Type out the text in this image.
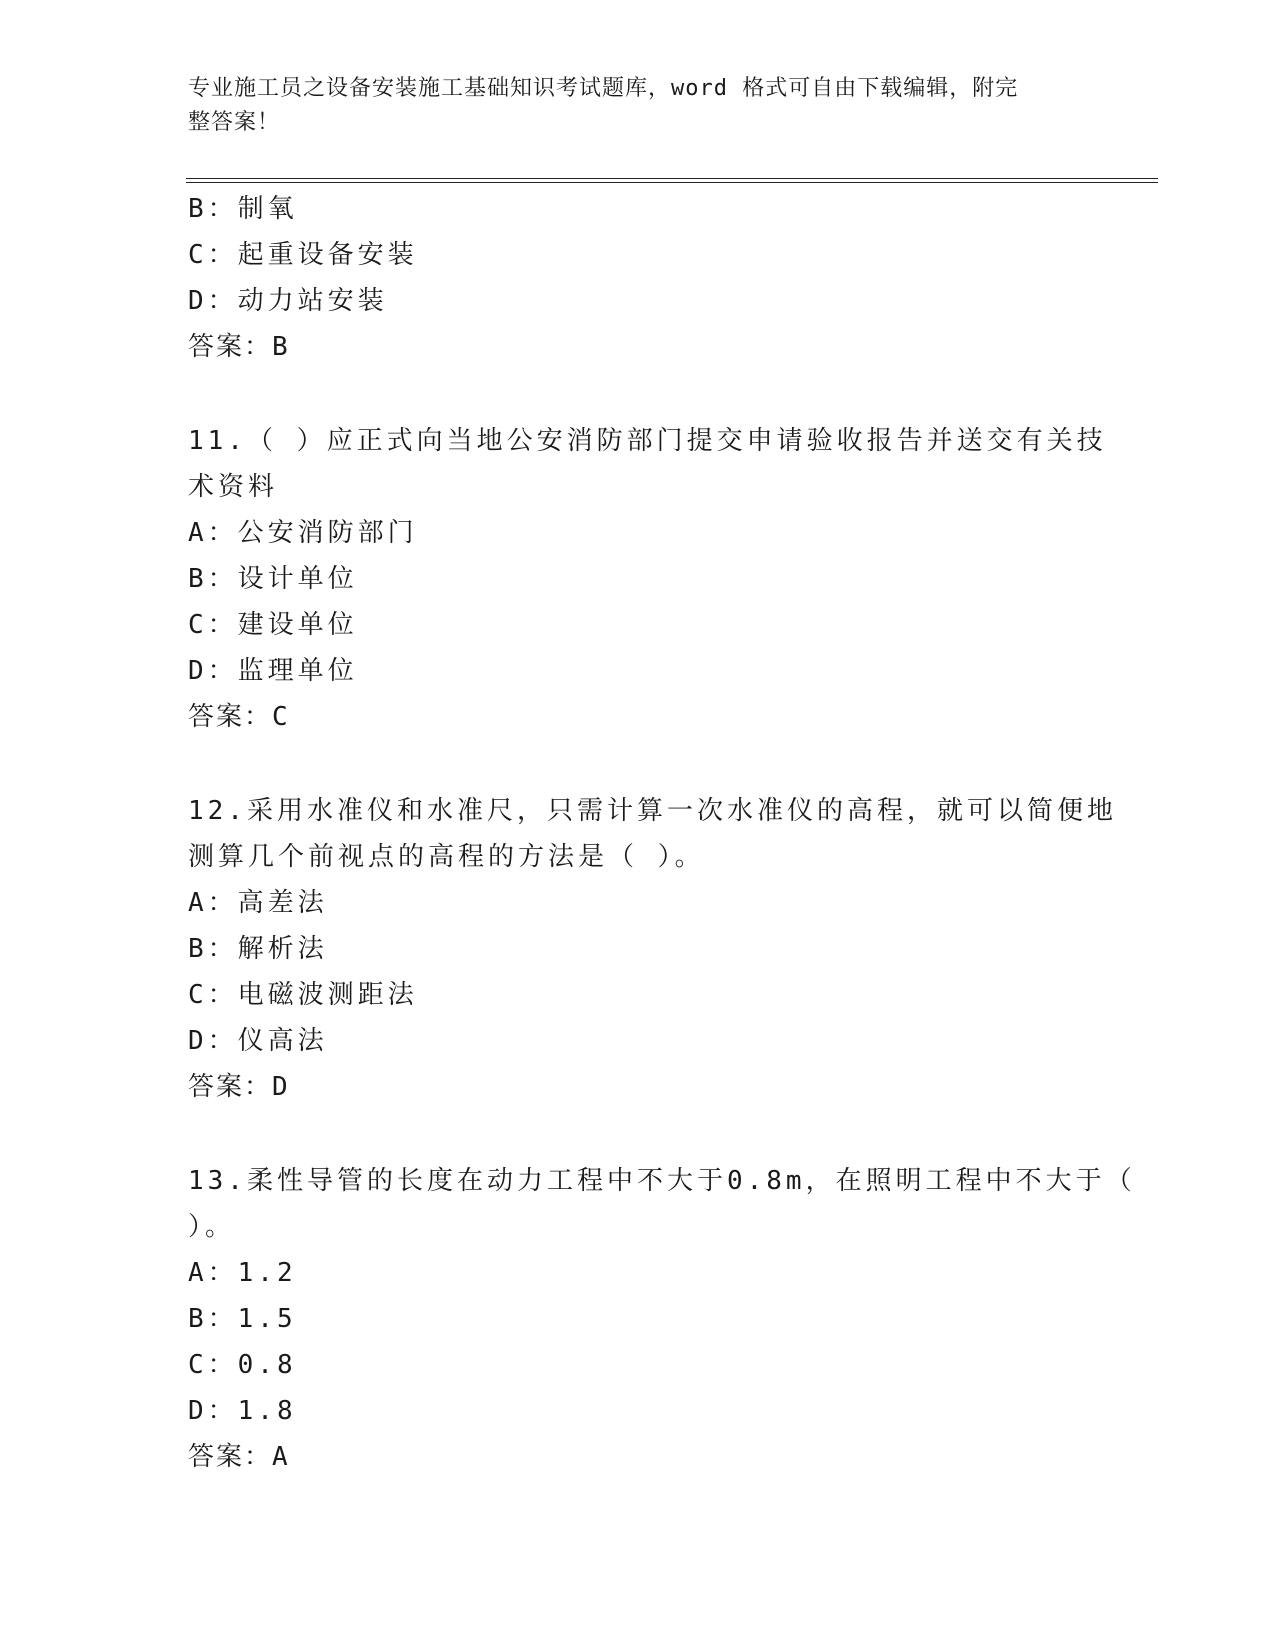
专业施工员之设备安装施工基础知识考试题库，word 格式可自由下载编辑，附完
整答案！
B：制氧
C：起重设备安装
D：动力站安装
答案：B
11.（ ）应正式向当地公安消防部门提交申请验收报告并送交有关技
术资料
A：公安消防部门
B：设计单位
C：建设单位
D：监理单位
答案：C
12.采用水准仪和水准尺，只需计算一次水准仪的高程，就可以简便地
测算几个前视点的高程的方法是（ ）。
A：高差法
B：解析法
C：电磁波测距法
D：仪高法
答案：D
13.柔性导管的长度在动力工程中不大于0.8m，在照明工程中不大于（
）。
A：1.2
B：1.5
C：0.8
D：1.8
答案：A
